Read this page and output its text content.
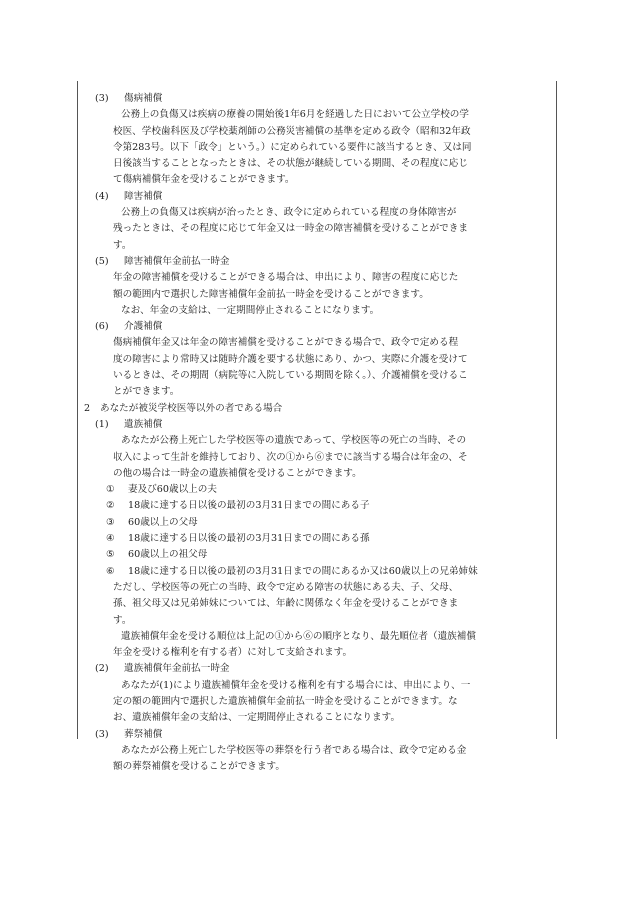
(3) 傷病補償
公務上の負傷又は疾病の療養の開始後1年6月を経過した日において公立学校の学
校医、学校歯科医及び学校薬剤師の公務災害補償の基準を定める政令（昭和32年政
令第283号。以下「政令」という。）に定められている要件に該当するとき、又は同
日後該当することとなったときは、その状態が継続している期間、その程度に応じ
て傷病補償年金を受けることができます。
(4) 障害補償
公務上の負傷又は疾病が治ったとき、政令に定められている程度の身体障害が
残ったときは、その程度に応じて年金又は一時金の障害補償を受けることができま
す。
(5) 障害補償年金前払一時金
年金の障害補償を受けることができる場合は、申出により、障害の程度に応じた
額の範囲内で選択した障害補償年金前払一時金を受けることができます。
なお、年金の支給は、一定期間停止されることになります。
(6) 介護補償
傷病補償年金又は年金の障害補償を受けることができる場合で、政令で定める程
度の障害により常時又は随時介護を要する状態にあり、かつ、実際に介護を受けて
いるときは、その期間（病院等に入院している期間を除く。）、介護補償を受けるこ
とができます。
2 あなたが被災学校医等以外の者である場合
(1) 遺族補償
あなたが公務上死亡した学校医等の遺族であって、学校医等の死亡の当時、その
収入によって生計を維持しており、次の①から⑥までに該当する場合は年金の、そ
の他の場合は一時金の遺族補償を受けることができます。
① 妻及び60歳以上の夫
② 18歳に達する日以後の最初の3月31日までの間にある子
③ 60歳以上の父母
④ 18歳に達する日以後の最初の3月31日までの間にある孫
⑤ 60歳以上の祖父母
⑥ 18歳に達する日以後の最初の3月31日までの間にあるか又は60歳以上の兄弟姉妹
ただし、学校医等の死亡の当時、政令で定める障害の状態にある夫、子、父母、
孫、祖父母又は兄弟姉妹については、年齢に関係なく年金を受けることができま
す。
遺族補償年金を受ける順位は上記の①から⑥の順序となり、最先順位者（遺族補償
年金を受ける権利を有する者）に対して支給されます。
(2) 遺族補償年金前払一時金
あなたが(1)により遺族補償年金を受ける権利を有する場合には、申出により、一
定の額の範囲内で選択した遺族補償年金前払一時金を受けることができます。な
お、遺族補償年金の支給は、一定期間停止されることになります。
(3) 葬祭補償
あなたが公務上死亡した学校医等の葬祭を行う者である場合は、政令で定める金
額の葬祭補償を受けることができます。
